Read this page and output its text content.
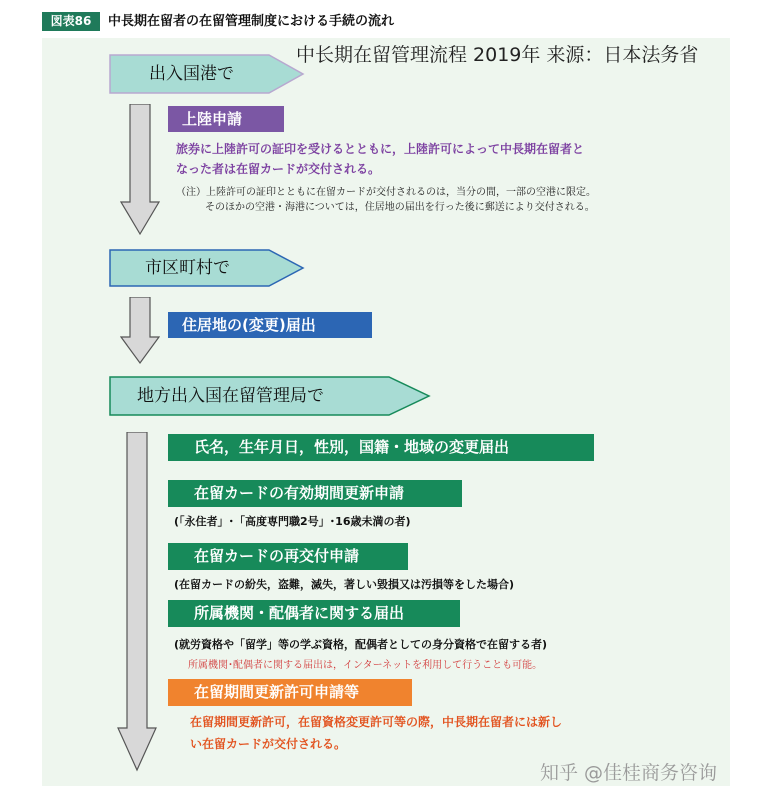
図表86	中長期在留者の在留管理制度における手続の流れ
中长期在留管理流程 2019年 来源：日本法务省
出入国港で
上陸申請
旅券に上陸許可の証印を受けるとともに，上陸許可によって中長期在留者と
なった者は在留カードが交付される。
（注）上陸許可の証印とともに在留カードが交付されるのは，当分の間，一部の空港に限定。
そのほかの空港・海港については，住居地の届出を行った後に郵送により交付される。
市区町村で
住居地の(変更)届出
地方出入国在留管理局で
氏名，生年月日，性別，国籍・地域の変更届出
在留カードの有効期間更新申請
(「永住者」･「高度専門職2号」･16歳未満の者)
在留カードの再交付申請
(在留カードの紛失，盗難，滅失，著しい毀損又は汚損等をした場合)
所属機関・配偶者に関する届出
(就労資格や「留学」等の学ぶ資格，配偶者としての身分資格で在留する者)
所属機関･配偶者に関する届出は，インターネットを利用して行うことも可能。
在留期間更新許可申請等
在留期間更新許可，在留資格変更許可等の際，中長期在留者には新し
い在留カードが交付される。
知乎 @佳桂商务咨询
